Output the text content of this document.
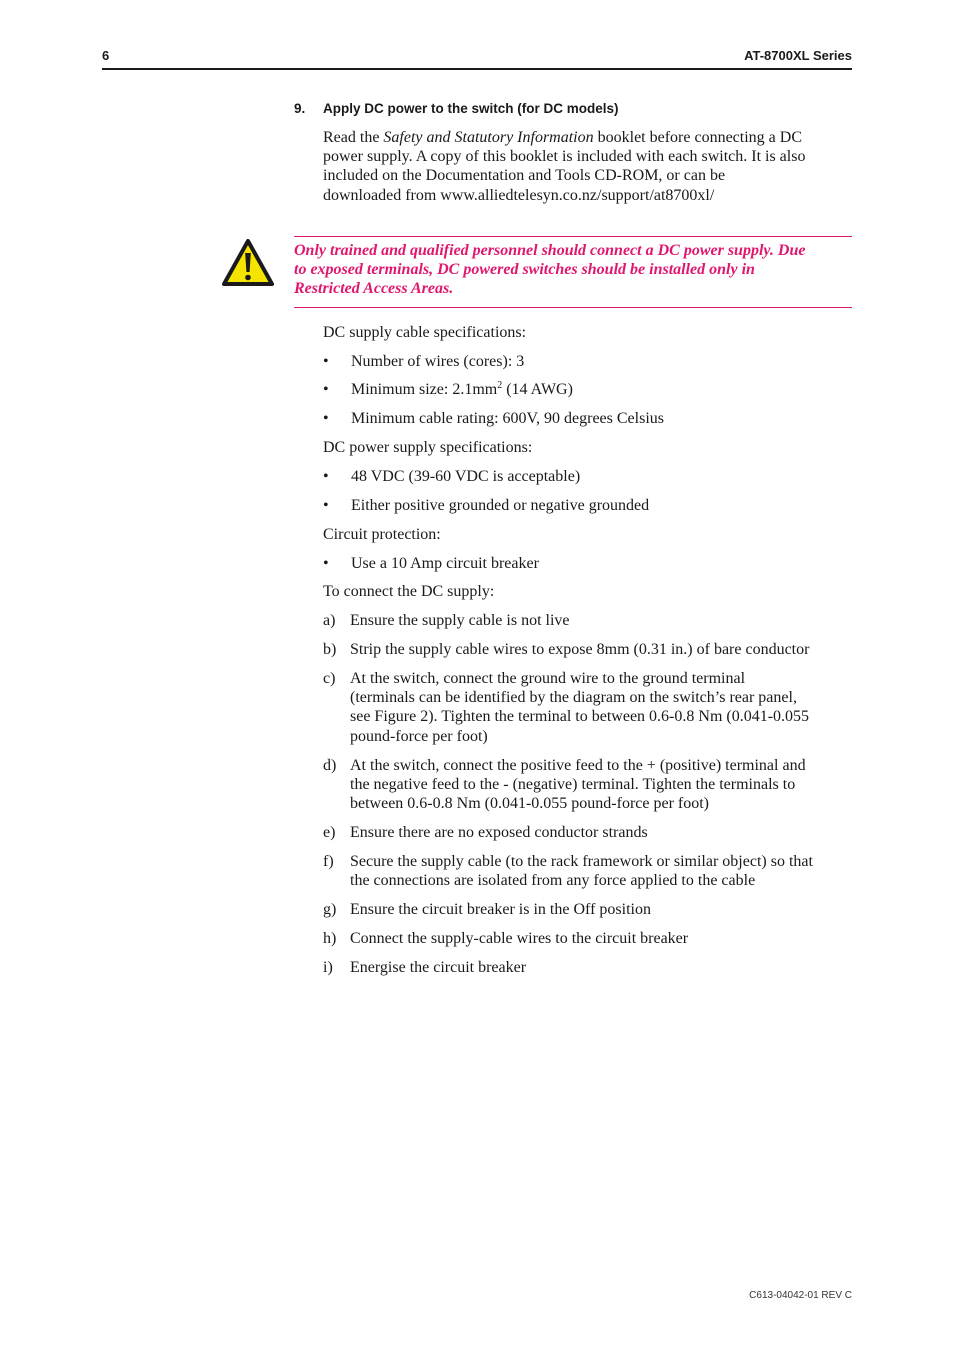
6	AT-8700XL Series
9. Apply DC power to the switch (for DC models)
Read the Safety and Statutory Information booklet before connecting a DC
power supply. A copy of this booklet is included with each switch. It is also
included on the Documentation and Tools CD-ROM, or can be
downloaded from www.alliedtelesyn.co.nz/support/at8700xl/
Only trained and qualified personnel should connect a DC power supply. Due
to exposed terminals, DC powered switches should be installed only in
Restricted Access Areas.
DC supply cable specifications:
• Number of wires (cores): 3
• Minimum size: $2.1mm^2$ (14 AWG)
• Minimum cable rating: 600V, 90 degrees Celsius
DC power supply specifications:
• 48 VDC (39-60 VDC is acceptable)
• Either positive grounded or negative grounded
Circuit protection:
• Use a 10 Amp circuit breaker
To connect the DC supply:
a) Ensure the supply cable is not live
b) Strip the supply cable wires to expose 8mm (0.31 in.) of bare conductor
c) At the switch, connect the ground wire to the ground terminal
(terminals can be identified by the diagram on the switch’s rear panel,
see Figure 2). Tighten the terminal to between 0.6-0.8 Nm (0.041-0.055
pound-force per foot)
d) At the switch, connect the positive feed to the + (positive) terminal and
the negative feed to the - (negative) terminal. Tighten the terminals to
between 0.6-0.8 Nm (0.041-0.055 pound-force per foot)
e) Ensure there are no exposed conductor strands
f) Secure the supply cable (to the rack framework or similar object) so that
the connections are isolated from any force applied to the cable
g) Ensure the circuit breaker is in the Off position
h) Connect the supply-cable wires to the circuit breaker
i) Energise the circuit breaker
C613-04042-01 REV C
